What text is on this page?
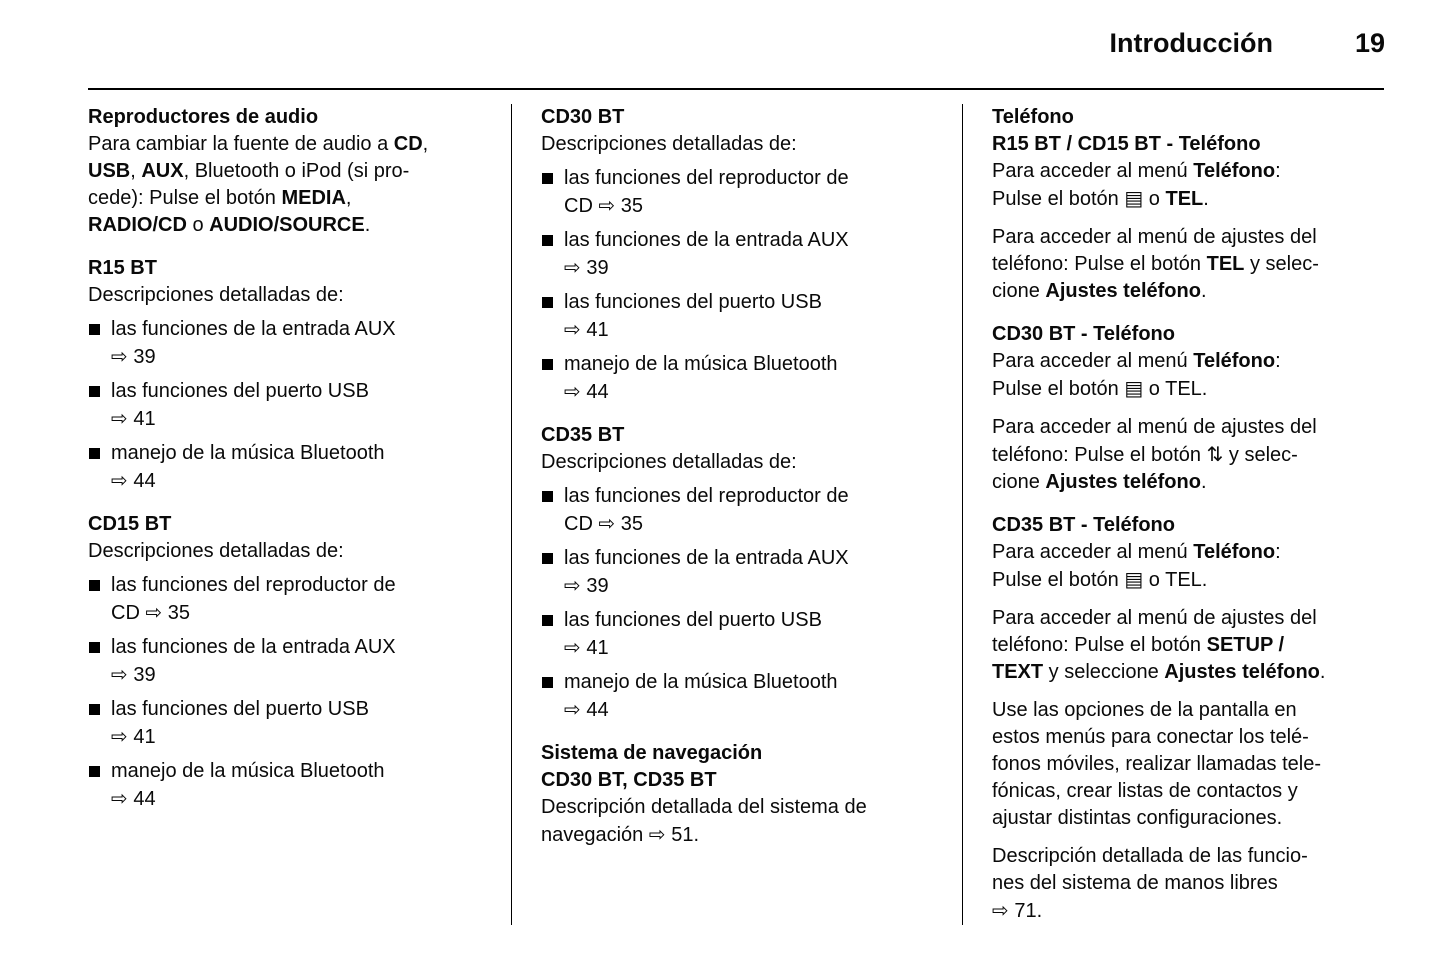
Introducción	19
Reproductores de audio

Para cambiar la fuente de audio a CD,
USB, AUX, Bluetooth o iPod (si pro-
cede): Pulse el botón MEDIA,
RADIO/CD o AUDIO/SOURCE.

R15 BT

Descripciones detalladas de:

las funciones de la entrada AUX
⇨ 39
las funciones del puerto USB
⇨ 41
manejo de la música Bluetooth
⇨ 44
CD15 BT

Descripciones detalladas de:

las funciones del reproductor de
CD ⇨ 35
las funciones de la entrada AUX
⇨ 39
las funciones del puerto USB
⇨ 41
manejo de la música Bluetooth
⇨ 44
CD30 BT

Descripciones detalladas de:

las funciones del reproductor de
CD ⇨ 35
las funciones de la entrada AUX
⇨ 39
las funciones del puerto USB
⇨ 41
manejo de la música Bluetooth
⇨ 44
CD35 BT

Descripciones detalladas de:

las funciones del reproductor de
CD ⇨ 35
las funciones de la entrada AUX
⇨ 39
las funciones del puerto USB
⇨ 41
manejo de la música Bluetooth
⇨ 44
Sistema de navegación
CD30 BT, CD35 BT

Descripción detallada del sistema de
navegación ⇨ 51.

Teléfono
R15 BT / CD15 BT - Teléfono

Para acceder al menú Teléfono:
Pulse el botón ▤ o TEL.

Para acceder al menú de ajustes del
teléfono: Pulse el botón TEL y selec-
cione Ajustes teléfono.

CD30 BT - Teléfono

Para acceder al menú Teléfono:
Pulse el botón ▤ o TEL.

Para acceder al menú de ajustes del
teléfono: Pulse el botón ⇅ y selec-
cione Ajustes teléfono.

CD35 BT - Teléfono

Para acceder al menú Teléfono:
Pulse el botón ▤ o TEL.

Para acceder al menú de ajustes del
teléfono: Pulse el botón SETUP /
TEXT y seleccione Ajustes teléfono.

Use las opciones de la pantalla en
estos menús para conectar los telé-
fonos móviles, realizar llamadas tele-
fónicas, crear listas de contactos y
ajustar distintas configuraciones.

Descripción detallada de las funcio-
nes del sistema de manos libres
⇨ 71.
